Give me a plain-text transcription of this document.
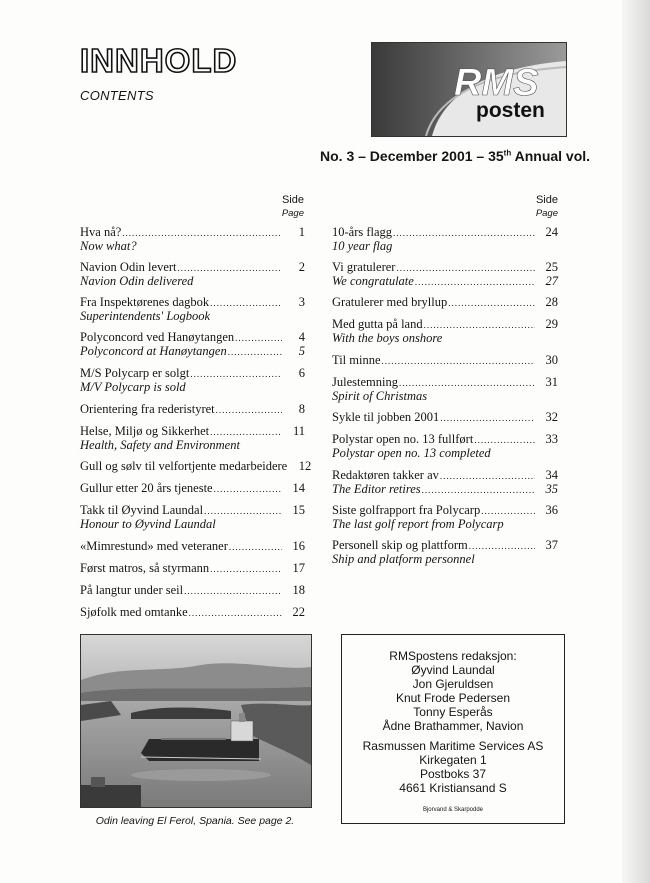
INNHOLD
CONTENTS	RMS
posten
No. 3 – December 2001 – 35th Annual vol.
Side
Page
Side
Page
Hva nå? .....	1
Now what?
Navion Odin levert .....	2
Navion Odin delivered
Fra Inspektørenes dagbok .....	3
Superintendents' Logbook
Polyconcord ved Hanøytangen .....	4
Polyconcord at Hanøytangen .....	5
M/S Polycarp er solgt .....	6
M/V Polycarp is sold
Orientering fra rederistyret .....	8
Helse, Miljø og Sikkerhet .....	11
Health, Safety and Environment
Gull og sølv til velfortjente medarbeidere 12
Gullur etter 20 års tjeneste .....	14
Takk til Øyvind Laundal .....	15
Honour to Øyvind Laundal
«Mimrestund» med veteraner .....	16
Først matros, så styrmann .....	17
På langtur under seil .....	18
Sjøfolk med omtanke .....	22
10-års flagg .....	24
10 year flag
Vi gratulerer .....	25
We congratulate .....	27
Gratulerer med bryllup .....	28
Med gutta på land .....	29
With the boys onshore
Til minne .....	30
Julestemning .....	31
Spirit of Christmas
Sykle til jobben 2001 .....	32
Polystar open no. 13 fullført .....	33
Polystar open no. 13 completed
Redaktøren takker av .....	34
The Editor retires .....	35
Siste golfrapport fra Polycarp .....	36
The last golf report from Polycarp
Personell skip og plattform .....	37
Ship and platform personnel
Odin leaving El Ferol, Spania. See page 2.
RMSpostens redaksjon:
Øyvind Laundal
Jon Gjeruldsen
Knut Frode Pedersen
Tonny Esperås
Ådne Brathammer, Navion
Rasmussen Maritime Services AS
Kirkegaten 1
Postboks 37
4661 Kristiansand S
Bjorvand & Skarpodde
